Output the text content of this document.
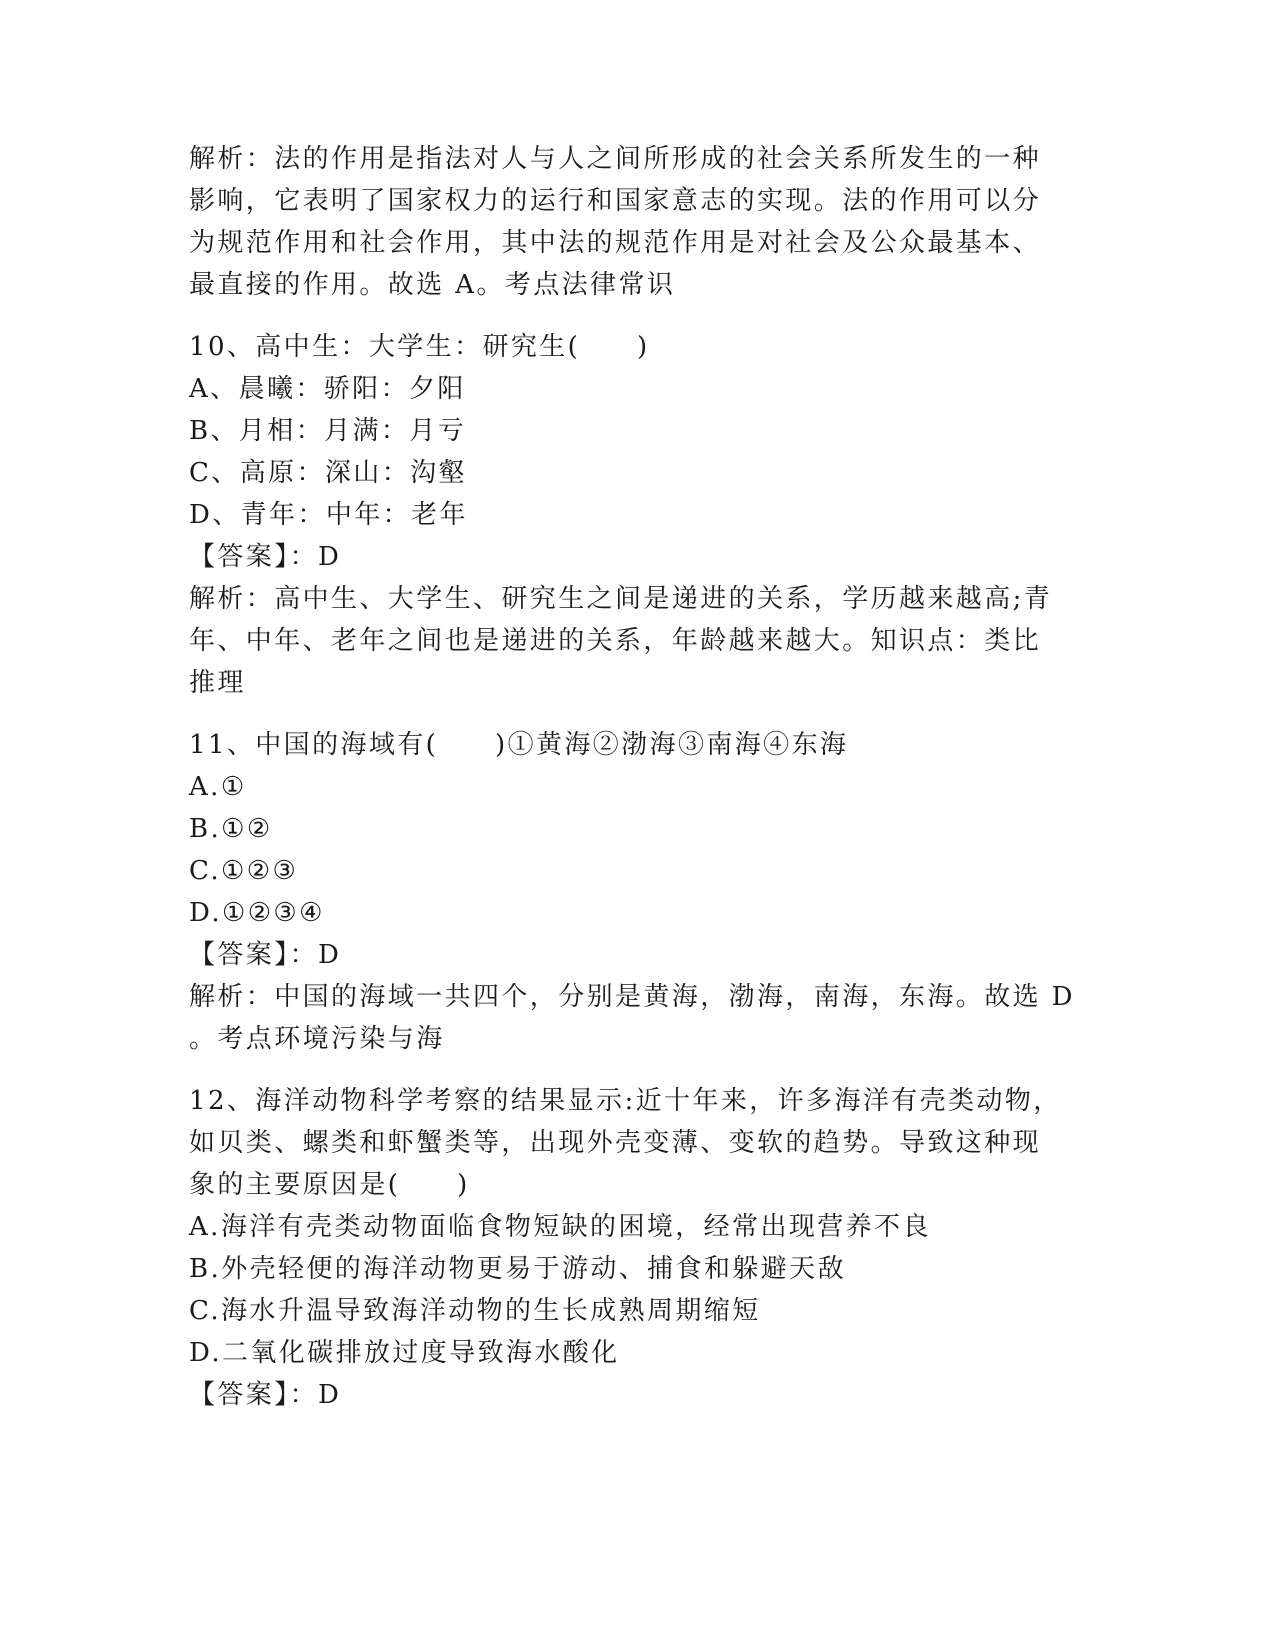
解析：法的作用是指法对人与人之间所形成的社会关系所发生的一种
影响，它表明了国家权力的运行和国家意志的实现。法的作用可以分
为规范作用和社会作用，其中法的规范作用是对社会及公众最基本、
最直接的作用。故选 A。考点法律常识
10、高中生：大学生：研究生(　　)
A、晨曦：骄阳：夕阳
B、月相：月满：月亏
C、高原：深山：沟壑
D、青年：中年：老年
【答案】：D
解析：高中生、大学生、研究生之间是递进的关系，学历越来越高;青
年、中年、老年之间也是递进的关系，年龄越来越大。知识点：类比
推理
11、中国的海域有(　　)①黄海②渤海③南海④东海
A.①
B.①②
C.①②③
D.①②③④
【答案】：D
解析：中国的海域一共四个，分别是黄海，渤海，南海，东海。故选 D
。考点环境污染与海
12、海洋动物科学考察的结果显示:近十年来，许多海洋有壳类动物，
如贝类、螺类和虾蟹类等，出现外壳变薄、变软的趋势。导致这种现
象的主要原因是(　　)
A.海洋有壳类动物面临食物短缺的困境，经常出现营养不良
B.外壳轻便的海洋动物更易于游动、捕食和躲避天敌
C.海水升温导致海洋动物的生长成熟周期缩短
D.二氧化碳排放过度导致海水酸化
【答案】：D
